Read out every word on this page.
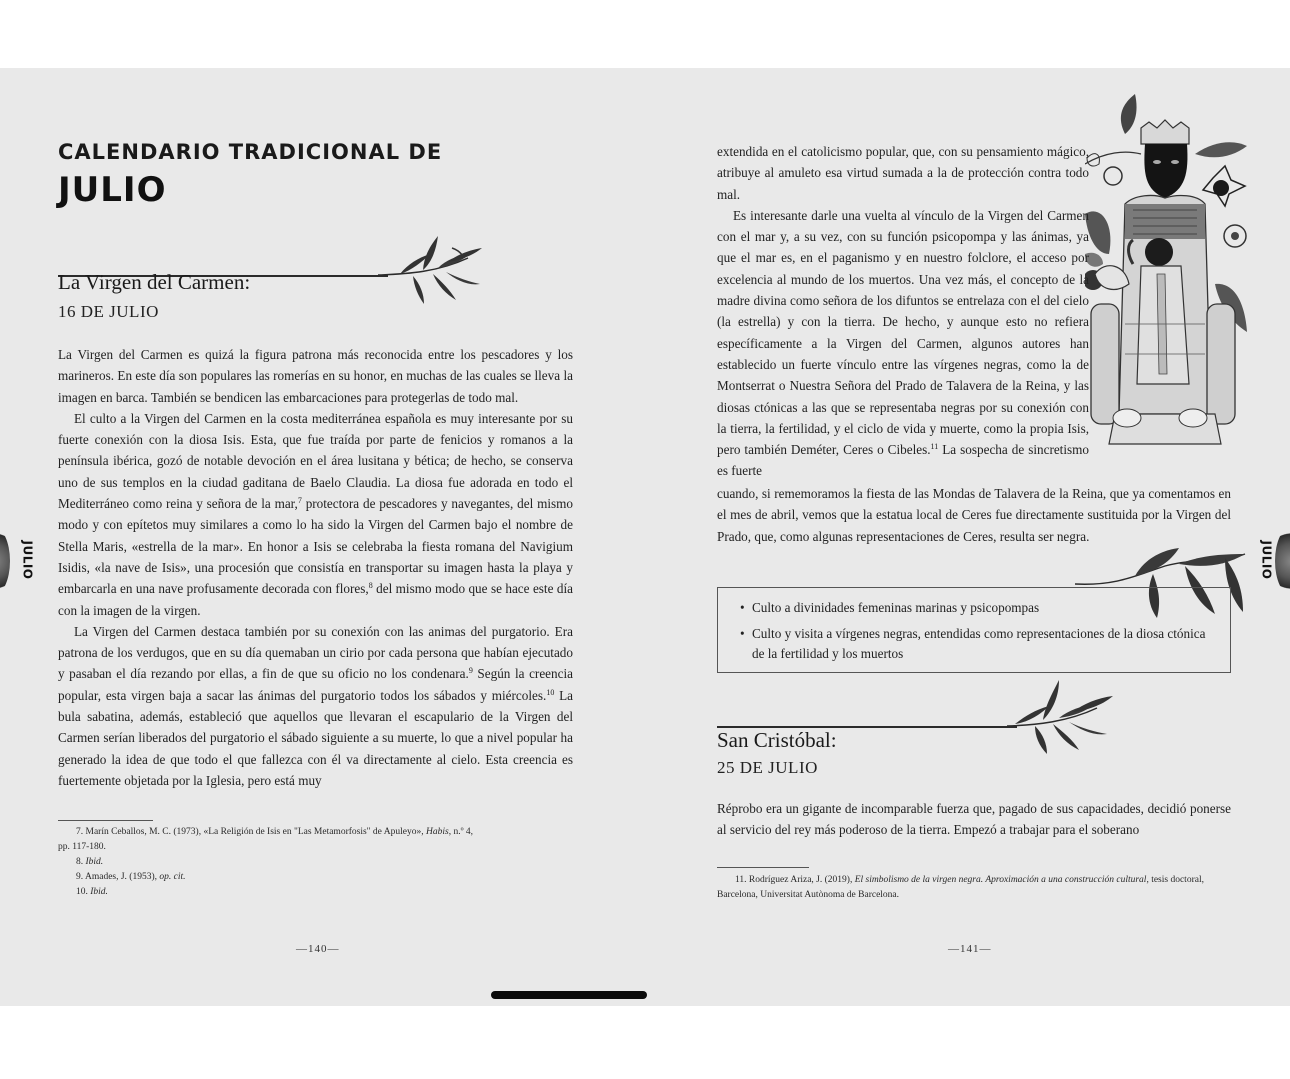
JULIO
CALENDARIO TRADICIONAL DE
JULIO
La Virgen del Carmen:
16 DE JULIO

La Virgen del Carmen es quizá la figura patrona más reconocida entre los pescadores y los marineros. En este día son populares las romerías en su honor, en muchas de las cuales se lleva la imagen en barca. También se bendicen las embarcaciones para protegerlas de todo mal.

El culto a la Virgen del Carmen en la costa mediterránea española es muy interesante por su fuerte conexión con la diosa Isis. Esta, que fue traída por parte de fenicios y romanos a la península ibérica, gozó de notable devoción en el área lusitana y bética; de hecho, se conserva uno de sus templos en la ciudad gaditana de Baelo Claudia. La diosa fue adorada en todo el Mediterráneo como reina y señora de la mar,$^7$ protectora de pescadores y navegantes, del mismo modo y con epítetos muy similares a como lo ha sido la Virgen del Carmen bajo el nombre de Stella Maris, «estrella de la mar». En honor a Isis se celebraba la fiesta romana del Navigium Isidis, «la nave de Isis», una procesión que consistía en transportar su imagen hasta la playa y embarcarla en una nave profusamente decorada con flores,$^8$ del mismo modo que se hace este día con la imagen de la virgen.

La Virgen del Carmen destaca también por su conexión con las animas del purgatorio. Era patrona de los verdugos, que en su día quemaban un cirio por cada persona que habían ejecutado y pasaban el día rezando por ellas, a fin de que su oficio no los condenara.$^9$ Según la creencia popular, esta virgen baja a sacar las ánimas del purgatorio todos los sábados y miércoles.$^{10}$ La bula sabatina, además, estableció que aquellos que llevaran el escapulario de la Virgen del Carmen serían liberados del purgatorio el sábado siguiente a su muerte, lo que a nivel popular ha generado la idea de que todo el que fallezca con él va directamente al cielo. Esta creencia es fuertemente objetada por la Iglesia, pero está muy

7. Marín Ceballos, M. C. (1973), «La Religión de Isis en "Las Metamorfosis" de Apuleyo», Habis, n.º 4,

pp. 117-180.

8. Ibid.

9. Amades, J. (1953), op. cit.

10. Ibid.

—140—

extendida en el catolicismo popular, que, con su pensamiento mágico, atribuye al amuleto esa virtud sumada a la de protección contra todo mal.

Es interesante darle una vuelta al vínculo de la Virgen del Carmen con el mar y, a su vez, con su función psicopompa y las ánimas, ya que el mar es, en el paganismo y en nuestro folclore, el acceso por excelencia al mundo de los muertos. Una vez más, el concepto de la madre divina como señora de los difuntos se entrelaza con el del cielo (la estrella) y con la tierra. De hecho, y aunque esto no refiera específicamente a la Virgen del Carmen, algunos autores han establecido un fuerte vínculo entre las vírgenes negras, como la de Montserrat o Nuestra Señora del Prado de Talavera de la Reina, y las diosas ctónicas a las que se representaba negras por su conexión con la tierra, la fertilidad, y el ciclo de vida y muerte, como la propia Isis, pero también Deméter, Ceres o Cibeles.$^{11}$ La sospecha de sincretismo es fuerte

cuando, si rememoramos la fiesta de las Mondas de Talavera de la Reina, que ya comentamos en el mes de abril, vemos que la estatua local de Ceres fue directamente sustituida por la Virgen del Prado, que, como algunas representaciones de Ceres, resulta ser negra.

• Culto a divinidades femeninas marinas y psicopompas
• Culto y visita a vírgenes negras, entendidas como representaciones de la diosa ctónica de la fertilidad y los muertos
San Cristóbal:
25 DE JULIO

Réprobo era un gigante de incomparable fuerza que, pagado de sus capacidades, decidió ponerse al servicio del rey más poderoso de la tierra. Empezó a trabajar para el soberano

11. Rodríguez Ariza, J. (2019), El simbolismo de la virgen negra. Aproximación a una construcción cultural, tesis doctoral, Barcelona, Universitat Autònoma de Barcelona.

—141—
JULIO
